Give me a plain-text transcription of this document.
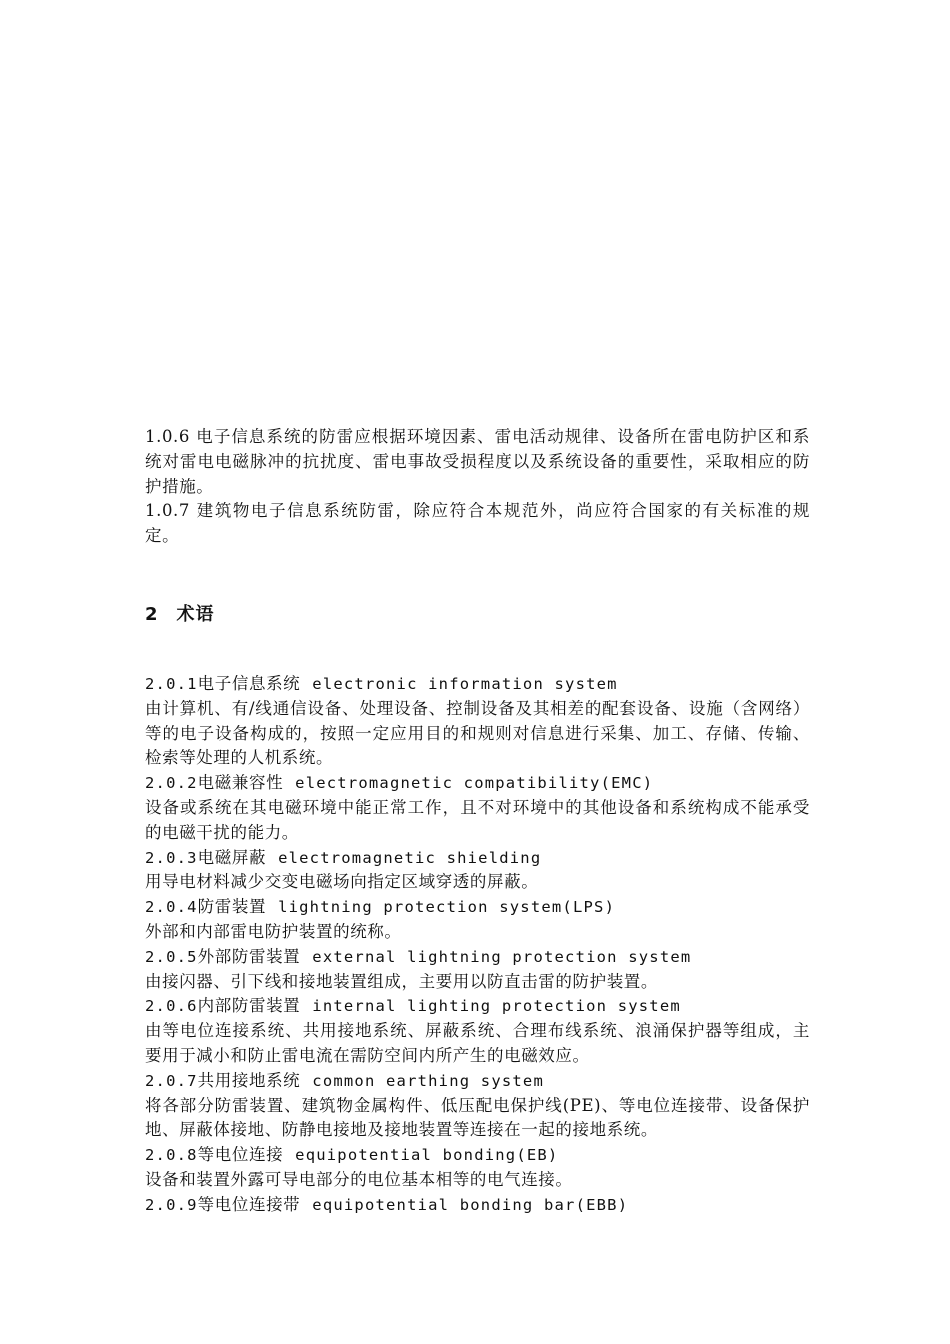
1.0.6 电子信息系统的防雷应根据环境因素、雷电活动规律、设备所在雷电防护区和系统对雷电电磁脉冲的抗扰度、雷电事故受损程度以及系统设备的重要性，采取相应的防护措施。

1.0.7 建筑物电子信息系统防雷，除应符合本规范外，尚应符合国家的有关标准的规定。

2 术语

2.0.1电子信息系统 electronic information system

由计算机、有/线通信设备、处理设备、控制设备及其相差的配套设备、设施（含网络）等的电子设备构成的，按照一定应用目的和规则对信息进行采集、加工、存储、传输、检索等处理的人机系统。

2.0.2电磁兼容性 electromagnetic compatibility(EMC)

设备或系统在其电磁环境中能正常工作，且不对环境中的其他设备和系统构成不能承受的电磁干扰的能力。

2.0.3电磁屏蔽 electromagnetic shielding

用导电材料减少交变电磁场向指定区域穿透的屏蔽。

2.0.4防雷装置 lightning protection system(LPS)

外部和内部雷电防护装置的统称。

2.0.5外部防雷装置 external lightning protection system

由接闪器、引下线和接地装置组成，主要用以防直击雷的防护装置。

2.0.6内部防雷装置 internal lighting protection system

由等电位连接系统、共用接地系统、屏蔽系统、合理布线系统、浪涌保护器等组成，主要用于减小和防止雷电流在需防空间内所产生的电磁效应。

2.0.7共用接地系统 common earthing system

将各部分防雷装置、建筑物金属构件、低压配电保护线(PE)、等电位连接带、设备保护地、屏蔽体接地、防静电接地及接地装置等连接在一起的接地系统。

2.0.8等电位连接 equipotential bonding(EB)

设备和装置外露可导电部分的电位基本相等的电气连接。

2.0.9等电位连接带 equipotential bonding bar(EBB)
